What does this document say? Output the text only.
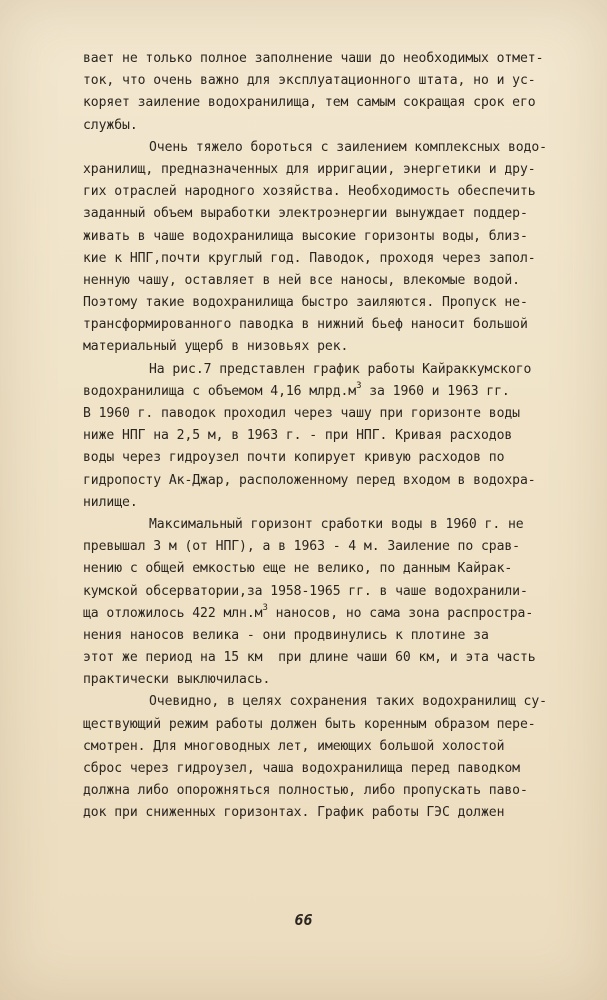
вает не только полное заполнение чаши до необходимых отмет-
ток, что очень важно для эксплуатационного штата, но и ус-
коряет заиление водохранилища, тем самым сокращая срок его
службы.
Очень тяжело бороться с заилением комплексных водо-
хранилищ, предназначенных для ирригации, энергетики и дру-
гих отраслей народного хозяйства. Необходимость обеспечить
заданный объем выработки электроэнергии вынуждает поддер-
живать в чаше водохранилища высокие горизонты воды, близ-
кие к НПГ,почти круглый год. Паводок, проходя через запол-
ненную чашу, оставляет в ней все наносы, влекомые водой.
Поэтому такие водохранилища быстро заиляются. Пропуск не-
трансформированного паводка в нижний бьеф наносит большой
материальный ущерб в низовьях рек.
На рис.7 представлен график работы Кайраккумского
водохранилища с объемом 4,16 $млрд.м^3$ за 1960 и 1963 гг.
В 1960 г. паводок проходил через чашу при горизонте воды
ниже НПГ на 2,5 м, в 1963 г. - при НПГ. Кривая расходов
воды через гидроузел почти копирует кривую расходов по
гидропосту Ак-Джар, расположенному перед входом в водохра-
нилище.
Максимальный горизонт сработки воды в 1960 г. не
превышал 3 м (от НПГ), а в 1963 - 4 м. Заиление по срав-
нению с общей емкостью еще не велико, по данным Кайрак-
кумской обсерватории,за 1958-1965 гг. в чаше водохранили-
ща отложилось 422 $млн.м^3$ наносов, но сама зона распростра-
нения наносов велика - они продвинулись к плотине за
этот же период на 15 км  при длине чаши 60 км, и эта часть
практически выключилась.
Очевидно, в целях сохранения таких водохранилищ су-
ществующий режим работы должен быть коренным образом пере-
смотрен. Для многоводных лет, имеющих большой холостой
сброс через гидроузел, чаша водохранилища перед паводком
должна либо опорожняться полностью, либо пропускать паво-
док при сниженных горизонтах. График работы ГЭС должен
66
